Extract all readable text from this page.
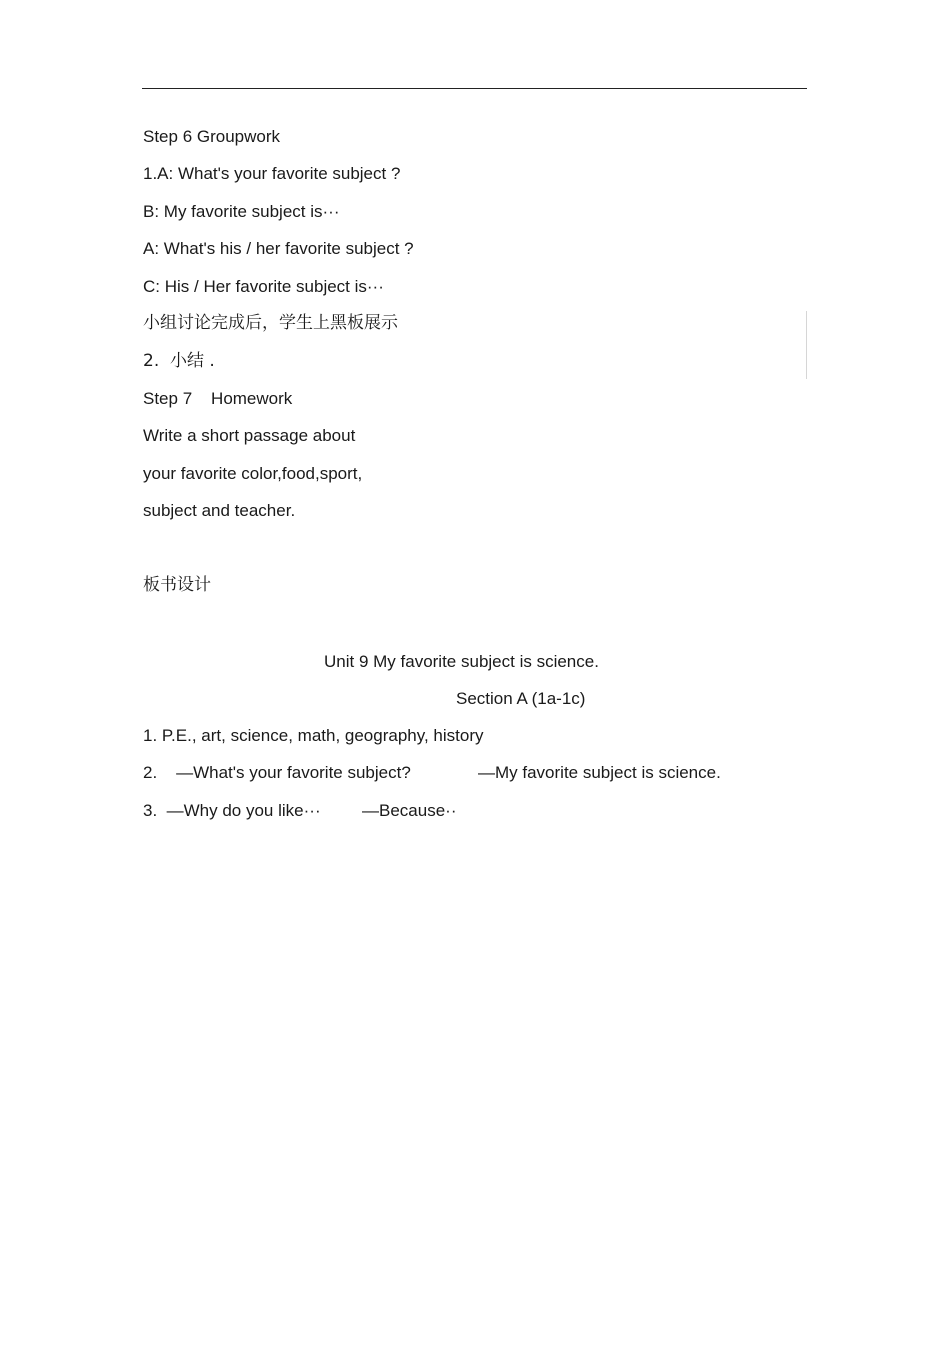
Step 6 Groupwork
1.A: What's your favorite subject ?
B: My favorite subject is···
A: What's his / her favorite subject ?
C: His / Her favorite subject is···
小组讨论完成后，学生上黑板展示
2.  小结 .
Step 7    Homework
Write a short passage about
your favorite color,food,sport,
subject and teacher.
板书设计
Unit 9 My favorite subject is science.
Section A (1a-1c)
1. P.E., art, science, math, geography, history
2.    —What's your favorite subject?	—My favorite subject is science.
3.  —Why do you like··· —Because··
